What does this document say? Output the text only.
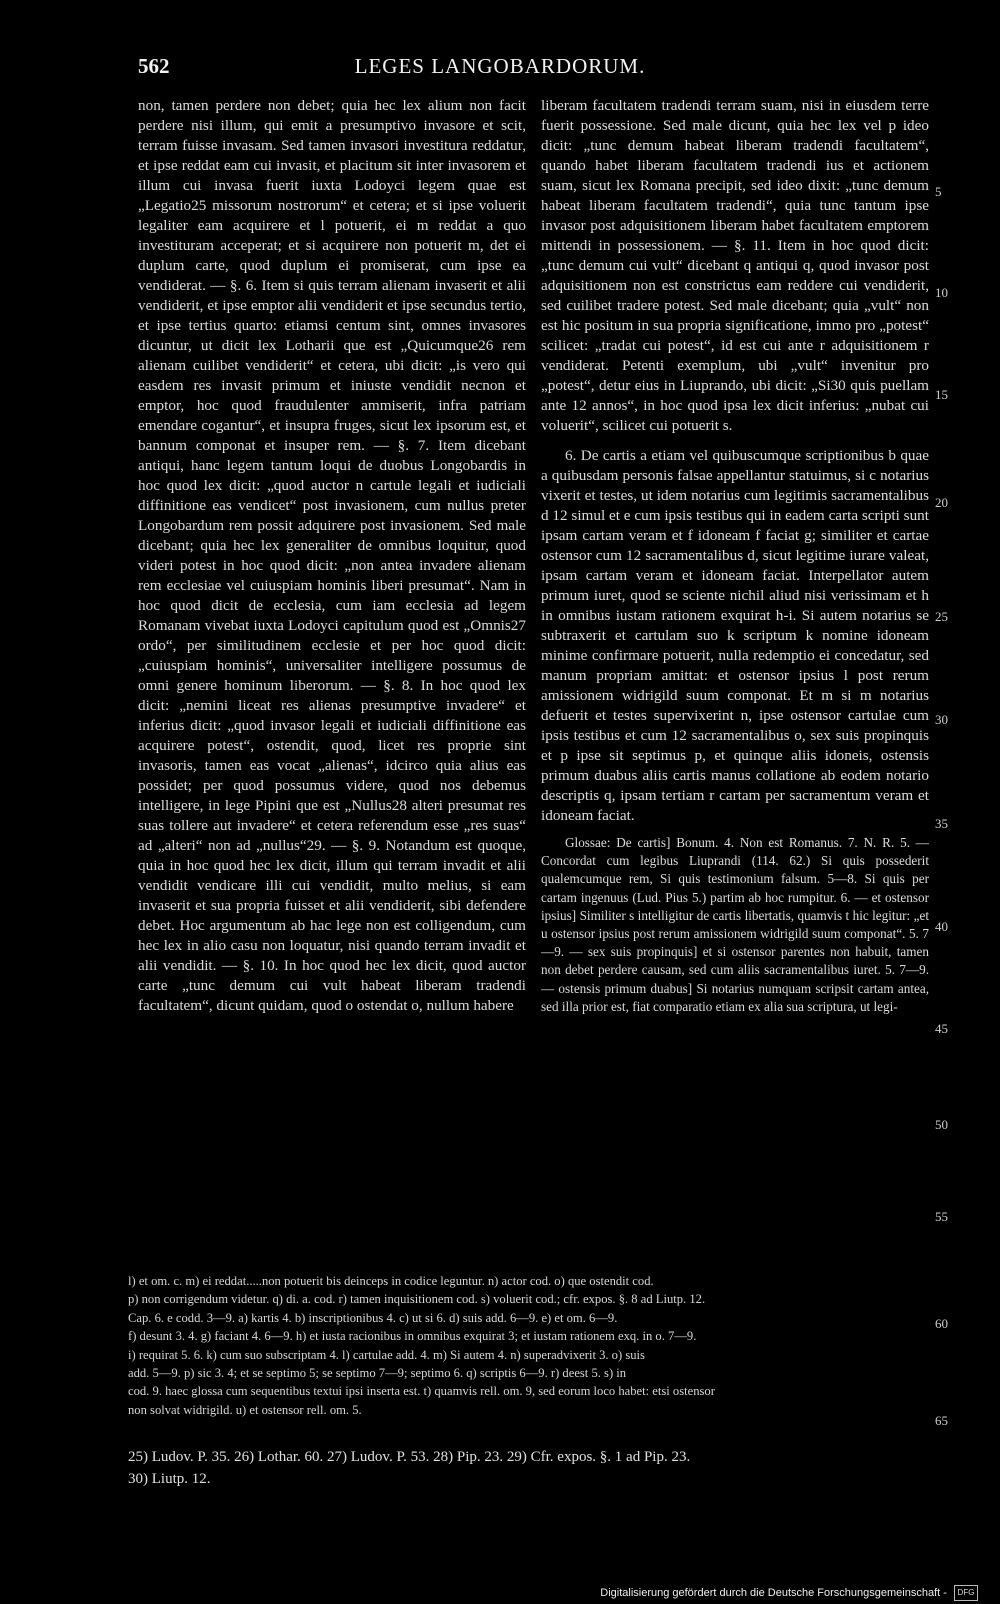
562	LEGES LANGOBARDORUM.

non, tamen perdere non debet; quia hec lex alium non facit perdere nisi illum, qui emit a presumptivo invasore et scit, terram fuisse invasam. Sed tamen invasori investitura reddatur, et ipse reddat eam cui invasit, et placitum sit inter invasorem et illum cui invasa fuerit iuxta Lodoyci legem quae est „Legatio25 missorum nostrorum“ et cetera; et si ipse voluerit legaliter eam acquirere et l potuerit, ei m reddat a quo investituram acceperat; et si acquirere non potuerit m, det ei duplum carte, quod duplum ei promiserat, cum ipse ea vendiderat. — §. 6. Item si quis terram alienam invaserit et alii vendiderit, et ipse emptor alii vendiderit et ipse secundus tertio, et ipse tertius quarto: etiamsi centum sint, omnes invasores dicuntur, ut dicit lex Lotharii que est „Quicumque26 rem alienam cuilibet vendiderit“ et cetera, ubi dicit: „is vero qui easdem res invasit primum et iniuste vendidit necnon et emptor, hoc quod fraudulenter ammiserit, infra patriam emendare cogantur“, et insupra fruges, sicut lex ipsorum est, et bannum componat et insuper rem. — §. 7. Item dicebant antiqui, hanc legem tantum loqui de duobus Longobardis in hoc quod lex dicit: „quod auctor n cartule legali et iudiciali diffinitione eas vendicet“ post invasionem, cum nullus preter Longobardum rem possit adquirere post invasionem. Sed male dicebant; quia hec lex generaliter de omnibus loquitur, quod videri potest in hoc quod dicit: „non antea invadere alienam rem ecclesiae vel cuiuspiam hominis liberi presumat“. Nam in hoc quod dicit de ecclesia, cum iam ecclesia ad legem Romanam vivebat iuxta Lodoyci capitulum quod est „Omnis27 ordo“, per similitudinem ecclesie et per hoc quod dicit: „cuiuspiam hominis“, universaliter intelligere possumus de omni genere hominum liberorum. — §. 8. In hoc quod lex dicit: „nemini liceat res alienas presumptive invadere“ et inferius dicit: „quod invasor legali et iudiciali diffinitione eas acquirere potest“, ostendit, quod, licet res proprie sint invasoris, tamen eas vocat „alienas“, idcirco quia alius eas possidet; per quod possumus videre, quod nos debemus intelligere, in lege Pipini que est „Nullus28 alteri presumat res suas tollere aut invadere“ et cetera referendum esse „res suas“ ad „alteri“ non ad „nullus“29. — §. 9. Notandum est quoque, quia in hoc quod hec lex dicit, illum qui terram invadit et alii vendidit vendicare illi cui vendidit, multo melius, si eam invaserit et sua propria fuisset et alii vendiderit, sibi defendere debet. Hoc argumentum ab hac lege non est colligendum, cum hec lex in alio casu non loquatur, nisi quando terram invadit et alii vendidit. — §. 10. In hoc quod hec lex dicit, quod auctor carte „tunc demum cui vult habeat liberam tradendi facultatem“, dicunt quidam, quod o ostendat o, nullum habere

liberam facultatem tradendi terram suam, nisi in eiusdem terre fuerit possessione. Sed male dicunt, quia hec lex vel p ideo dicit: „tunc demum habeat liberam tradendi facultatem“, quando habet liberam facultatem tradendi ius et actionem suam, sicut lex Romana precipit, sed ideo dixit: „tunc demum habeat liberam facultatem tradendi“, quia tunc tantum ipse invasor post adquisitionem liberam habet facultatem emptorem mittendi in possessionem. — §. 11. Item in hoc quod dicit: „tunc demum cui vult“ dicebant q antiqui q, quod invasor post adquisitionem non est constrictus eam reddere cui vendiderit, sed cuilibet tradere potest. Sed male dicebant; quia „vult“ non est hic positum in sua propria significatione, immo pro „potest“ scilicet: „tradat cui potest“, id est cui ante r adquisitionem r vendiderat. Petenti exemplum, ubi „vult“ invenitur pro „potest“, detur eius in Liuprando, ubi dicit: „Si30 quis puellam ante 12 annos“, in hoc quod ipsa lex dicit inferius: „nubat cui voluerit“, scilicet cui potuerit s.

6. De cartis a etiam vel quibuscumque scriptionibus b quae a quibusdam personis falsae appellantur statuimus, si c notarius vixerit et testes, ut idem notarius cum legitimis sacramentalibus d 12 simul et e cum ipsis testibus qui in eadem carta scripti sunt ipsam cartam veram et f idoneam f faciat g; similiter et cartae ostensor cum 12 sacramentalibus d, sicut legitime iurare valeat, ipsam cartam veram et idoneam faciat. Interpellator autem primum iuret, quod se sciente nichil aliud nisi verissimam et h in omnibus iustam rationem exquirat h-i. Si autem notarius se subtraxerit et cartulam suo k scriptum k nomine idoneam minime confirmare potuerit, nulla redemptio ei concedatur, sed manum propriam amittat: et ostensor ipsius l post rerum amissionem widrigild suum componat. Et m si m notarius defuerit et testes supervixerint n, ipse ostensor cartulae cum ipsis testibus et cum 12 sacramentalibus o, sex suis propinquis et p ipse sit septimus p, et quinque aliis idoneis, ostensis primum duabus aliis cartis manus collatione ab eodem notario descriptis q, ipsam tertiam r cartam per sacramentum veram et idoneam faciat.

Glossae: De cartis] Bonum. 4. Non est Romanus. 7. N. R. 5. — Concordat cum legibus Liuprandi (114. 62.) Si quis possederit qualemcumque rem, Si quis testimonium falsum. 5—8. Si quis per cartam ingenuus (Lud. Pius 5.) partim ab hoc rumpitur. 6. — et ostensor ipsius] Similiter s intelligitur de cartis libertatis, quamvis t hic legitur: „et u ostensor ipsius post rerum amissionem widrigild suum componat“. 5. 7—9. — sex suis propinquis] et si ostensor parentes non habuit, tamen non debet perdere causam, sed cum aliis sacramentalibus iuret. 5. 7—9. — ostensis primum duabus] Si notarius numquam scripsit cartam antea, sed illa prior est, fiat comparatio etiam ex alia sua scriptura, ut legi-

5
10
15
20
25
30
35
40
45
50
55
60
65

l) et om. c. m) ei reddat.....non potuerit bis deinceps in codice leguntur. n) actor cod. o) que ostendit cod.

p) non corrigendum videtur. q) di. a. cod. r) tamen inquisitionem cod. s) voluerit cod.; cfr. expos. §. 8 ad Liutp. 12.

Cap. 6. e codd. 3—9. a) kartis 4. b) inscriptionibus 4. c) ut si 6. d) suis add. 6—9. e) et om. 6—9.

f) desunt 3. 4. g) faciant 4. 6—9. h) et iusta racionibus in omnibus exquirat 3; et iustam rationem exq. in o. 7—9.

i) requirat 5. 6. k) cum suo subscriptam 4. l) cartulae add. 4. m) Si autem 4. n) superadvixerit 3. o) suis

add. 5—9. p) sic 3. 4; et se septimo 5; se septimo 7—9; septimo 6. q) scriptis 6—9. r) deest 5. s) in

cod. 9. haec glossa cum sequentibus textui ipsi inserta est. t) quamvis rell. om. 9, sed eorum loco habet: etsi ostensor

non solvat widrigild. u) et ostensor rell. om. 5.

25) Ludov. P. 35. 26) Lothar. 60. 27) Ludov. P. 53. 28) Pip. 23. 29) Cfr. expos. §. 1 ad Pip. 23.
30) Liutp. 12.
Digitalisierung gefördert durch die Deutsche Forschungsgemeinschaft - DFG
